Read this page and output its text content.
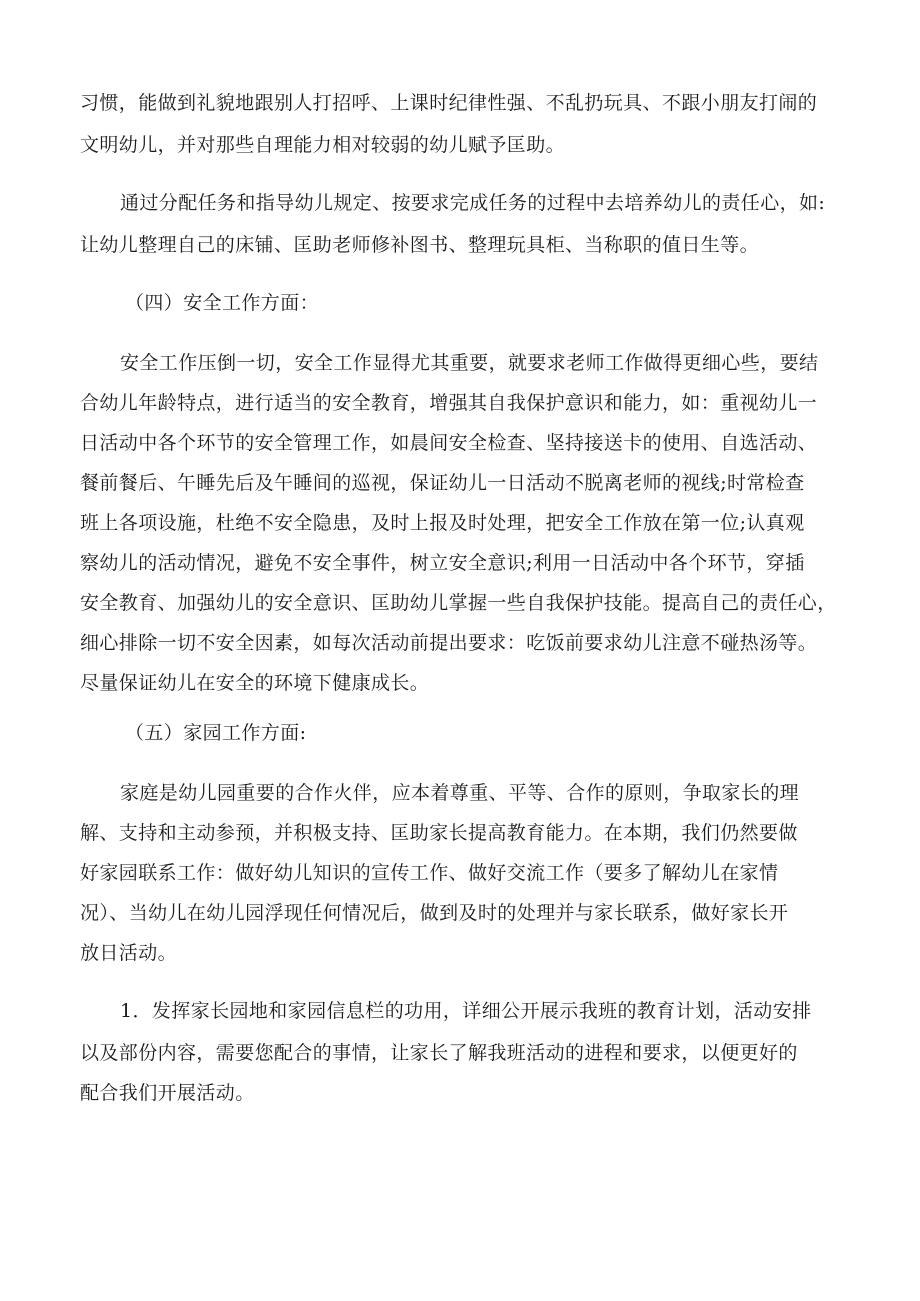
习惯，能做到礼貌地跟别人打招呼、上课时纪律性强、不乱扔玩具、不跟小朋友打闹的
文明幼儿，并对那些自理能力相对较弱的幼儿赋予匡助。
通过分配任务和指导幼儿规定、按要求完成任务的过程中去培养幼儿的责任心，如:
让幼儿整理自己的床铺、匡助老师修补图书、整理玩具柜、当称职的值日生等。
（四）安全工作方面：
安全工作压倒一切，安全工作显得尤其重要，就要求老师工作做得更细心些，要结
合幼儿年龄特点，进行适当的安全教育，增强其自我保护意识和能力，如：重视幼儿一
日活动中各个环节的安全管理工作，如晨间安全检查、坚持接送卡的使用、自选活动、
餐前餐后、午睡先后及午睡间的巡视，保证幼儿一日活动不脱离老师的视线;时常检查
班上各项设施，杜绝不安全隐患，及时上报及时处理，把安全工作放在第一位;认真观
察幼儿的活动情况，避免不安全事件，树立安全意识;利用一日活动中各个环节，穿插
安全教育、加强幼儿的安全意识、匡助幼儿掌握一些自我保护技能。提高自己的责任心，
细心排除一切不安全因素，如每次活动前提出要求：吃饭前要求幼儿注意不碰热汤等。
尽量保证幼儿在安全的环境下健康成长。
（五）家园工作方面:
家庭是幼儿园重要的合作火伴，应本着尊重、平等、合作的原则，争取家长的理
解、支持和主动参预，并积极支持、匡助家长提高教育能力。在本期，我们仍然要做
好家园联系工作：做好幼儿知识的宣传工作、做好交流工作（要多了解幼儿在家情
况）、当幼儿在幼儿园浮现任何情况后，做到及时的处理并与家长联系，做好家长开
放日活动。
1．发挥家长园地和家园信息栏的功用，详细公开展示我班的教育计划，活动安排
以及部份内容，需要您配合的事情，让家长了解我班活动的进程和要求，以便更好的
配合我们开展活动。
